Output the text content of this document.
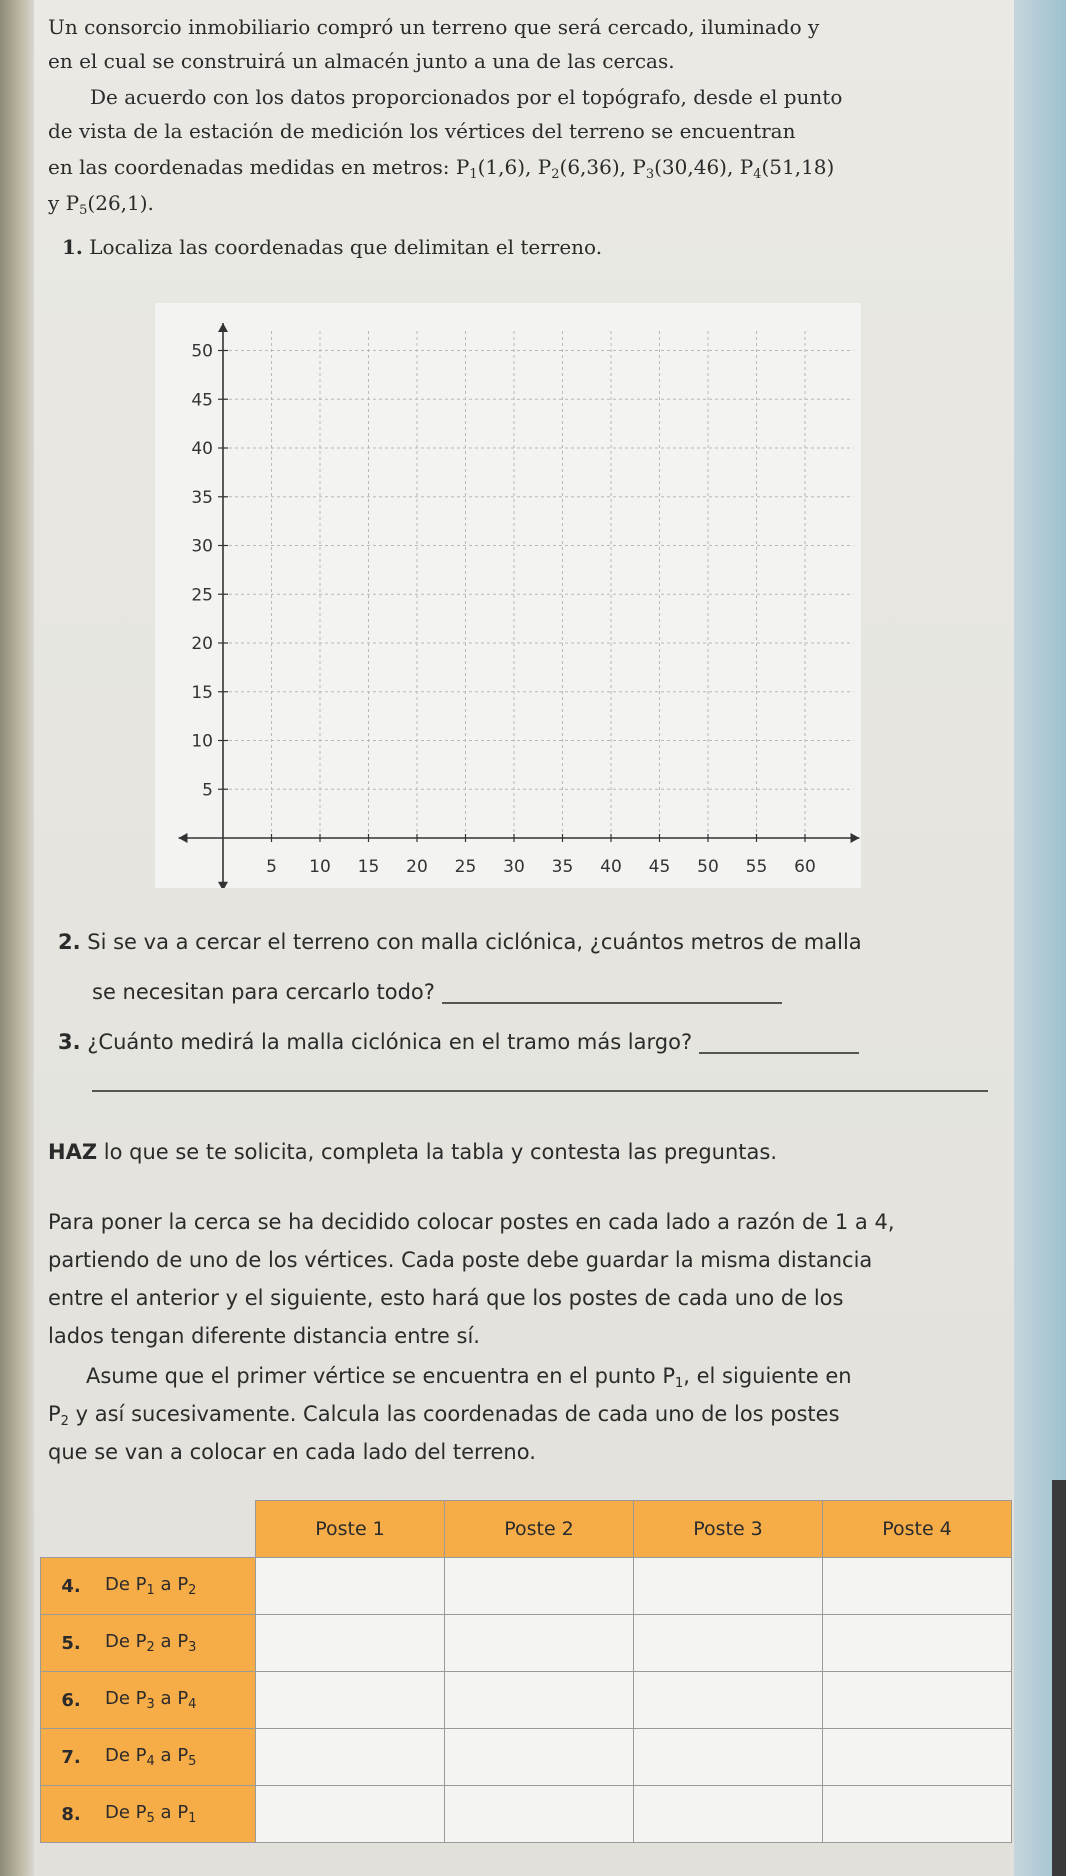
Un consorcio inmobiliario compró un terreno que será cercado, iluminado y
en el cual se construirá un almacén junto a una de las cercas.
De acuerdo con los datos proporcionados por el topógrafo, desde el punto
de vista de la estación de medición los vértices del terreno se encuentran
en las coordenadas medidas en metros: $P_1(1,6)$, $P_2(6,36)$, $P_3(30,46)$, $P_4(51,18)$
y $P_5(26,1)$.
1. Localiza las coordenadas que delimitan el terreno.
5 10 15 20 25 30 35 40 45 50 55 60
5
10
15
20
25
30
35
40
45
50
2. Si se va a cercar el terreno con malla ciclónica, ¿cuántos metros de malla
se necesitan para cercarlo todo?
3. ¿Cuánto medirá la malla ciclónica en el tramo más largo?
HAZ lo que se te solicita, completa la tabla y contesta las preguntas.
Para poner la cerca se ha decidido colocar postes en cada lado a razón de 1 a 4,
partiendo de uno de los vértices. Cada poste debe guardar la misma distancia
entre el anterior y el siguiente, esto hará que los postes de cada uno de los
lados tengan diferente distancia entre sí.
Asume que el primer vértice se encuentra en el punto $P_1$, el siguiente en
$P_2$ y así sucesivamente. Calcula las coordenadas de cada uno de los postes
que se van a colocar en cada lado del terreno.
		Poste 1	Poste 2	Poste 3	Poste 4
4.	De $P_1$ a $P_2$				
5.	De $P_2$ a $P_3$				
6.	De $P_3$ a $P_4$				
7.	De $P_4$ a $P_5$				
8.	De $P_5$ a $P_1$				
